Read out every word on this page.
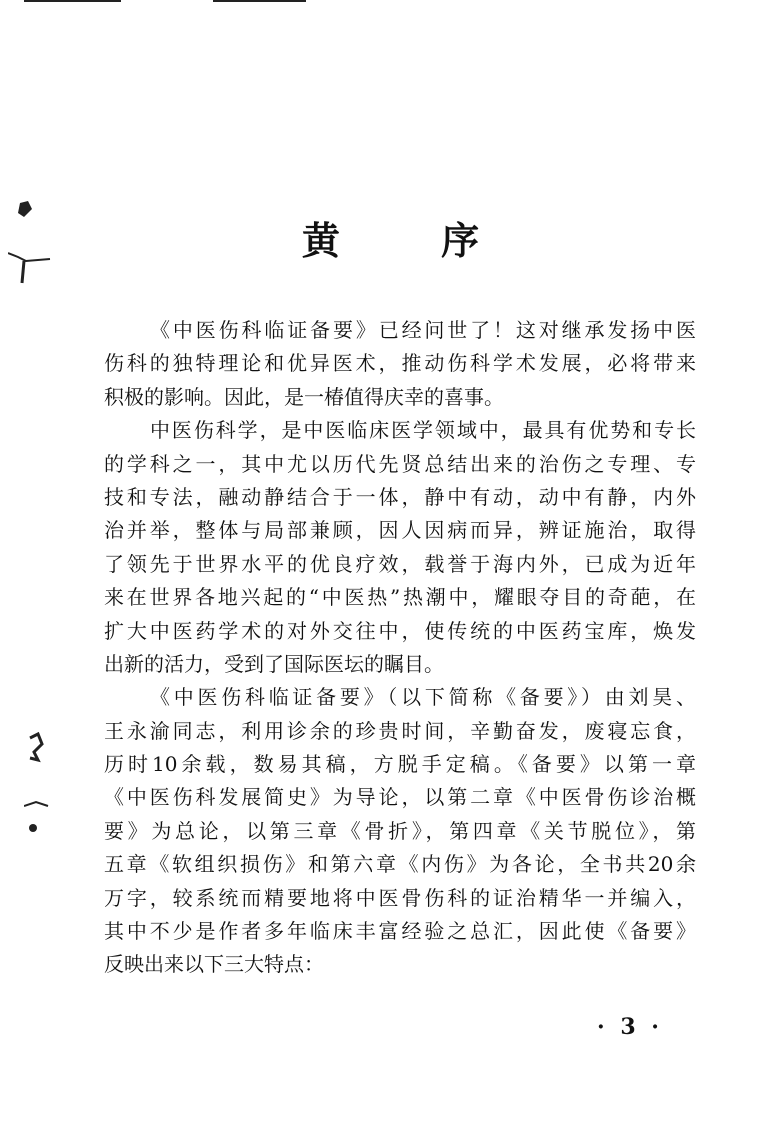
黄 序
《中医伤科临证备要》已经问世了！这对继承发扬中医
伤科的独特理论和优异医术，推动伤科学术发展，必将带来
积极的影响。因此，是一椿值得庆幸的喜事。
中医伤科学，是中医临床医学领域中，最具有优势和专长
的学科之一，其中尤以历代先贤总结出来的治伤之专理、专
技和专法，融动静结合于一体，静中有动，动中有静，内外
治并举，整体与局部兼顾，因人因病而异，辨证施治，取得
了领先于世界水平的优良疗效，载誉于海内外，已成为近年
来在世界各地兴起的“中医热”热潮中，耀眼夺目的奇葩，在
扩大中医药学术的对外交往中，使传统的中医药宝库，焕发
出新的活力，受到了国际医坛的瞩目。
《中医伤科临证备要》（以下简称《备要》）由刘昊、
王永渝同志，利用诊余的珍贵时间，辛勤奋发，废寝忘食，
历时10余载，数易其稿，方脱手定稿。《备要》以第一章
《中医伤科发展简史》为导论，以第二章《中医骨伤诊治概
要》为总论，以第三章《骨折》，第四章《关节脱位》，第
五章《软组织损伤》和第六章《内伤》为各论，全书共20余
万字，较系统而精要地将中医骨伤科的证治精华一并编入，
其中不少是作者多年临床丰富经验之总汇，因此使《备要》
反映出来以下三大特点：
· 3 ·
